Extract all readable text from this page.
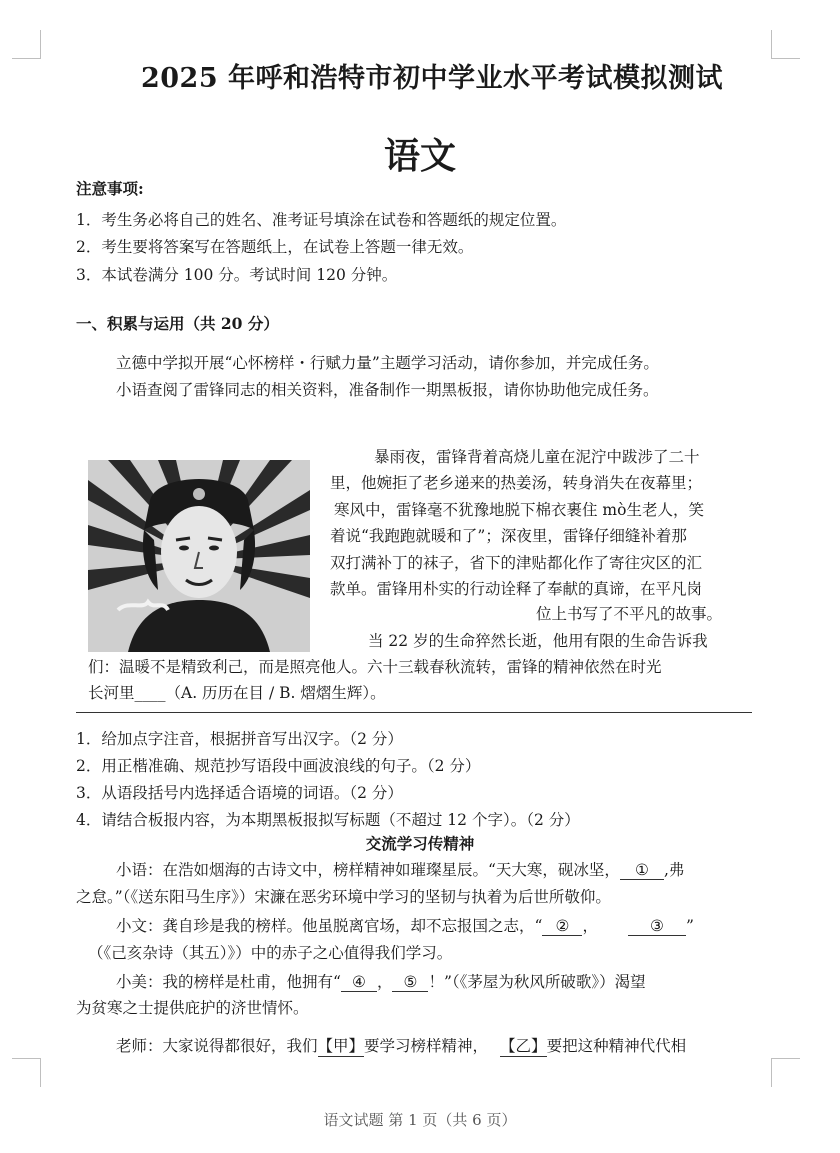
2025 年呼和浩特市初中学业水平考试模拟测试
语文
注意事项:
1．考生务必将自己的姓名、准考证号填涂在试卷和答题纸的规定位置。
2．考生要将答案写在答题纸上，在试卷上答题一律无效。
3．本试卷满分 100 分。考试时间 120 分钟。
一、积累与运用（共 20 分）
立德中学拟开展“心怀榜样・行赋力量”主题学习活动，请你参加，并完成任务。
小语查阅了雷锋同志的相关资料，准备制作一期黑板报，请你协助他完成任务。
暴雨夜，雷锋背着高烧儿童在泥泞中跋涉了二十
里，他婉拒了老乡递来的热姜汤，转身消失在夜幕里；
寒风中，雷锋毫不犹豫地脱下棉衣裹住 mò生老人，笑
着说“我跑跑就暖和了”；深夜里，雷锋仔细缝补着那
双打满补丁的袜子，省下的津贴都化作了寄往灾区的汇
款单。雷锋用朴实的行动诠释了奉献的真谛，在平凡岗
位上书写了不平凡的故事。
当 22 岁的生命猝然长逝，他用有限的生命告诉我
们：温暖不是精致利己，而是照亮他人。六十三载春秋流转，雷锋的精神依然在时光
长河里____（A. 历历在目 / B. 熠熠生辉）。
1．给加点字注音，根据拼音写出汉字。（2 分）
2．用正楷准确、规范抄写语段中画波浪线的句子。（2 分）
3．从语段括号内选择适合语境的词语。（2 分）
4．请结合板报内容，为本期黑板报拟写标题（不超过 12 个字）。（2 分）
交流学习传精神
小语：在浩如烟海的古诗文中，榜样精神如璀璨星辰。“天大寒，砚冰坚， ① ,弗
之怠。”（《送东阳马生序》）宋濂在恶劣环境中学习的坚韧与执着为后世所敬仰。
小文：龚自珍是我的榜样。他虽脱离官场，却不忘报国之志，“ ② ，	③ ”
（《己亥杂诗（其五）》）中的赤子之心值得我们学习。
小美：我的榜样是杜甫，他拥有“ ④ ， ⑤ ！”（《茅屋为秋风所破歌》）渴望
为贫寒之士提供庇护的济世情怀。
老师：大家说得都很好，我们【甲】要学习榜样精神， 【乙】要把这种精神代代相
语文试题 第 1 页（共 6 页）
